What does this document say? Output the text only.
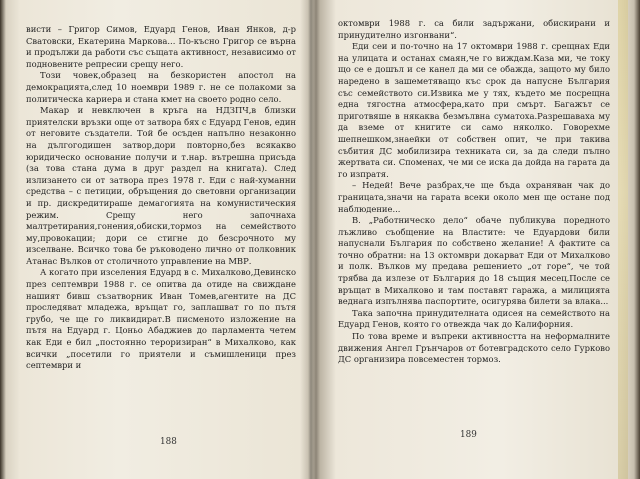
висти – Григор Симов, Едуард Генов, Иван Янков, д-р Сватовски, Екатерина Маркова... По-късно Григор се върна и продължи да работи със същата активност, независимо от подновените репресии срещу него.

Този човек,образец на безкористен апостол на демокрацията,след 10 ноември 1989 г. не се полакоми за политическа кариера и стана кмет на своето родно село.

Макар и невключен в кръга на НДЗПЧ,в близки приятелски връзки още от затвора бях с Едуард Генов, един от неговите създатели. Той бе осъден напълно незаконно на дългогодишен затвор,дори повторно,без всякакво юридическо основание получи и т.нар. вътрешна присъда (за това стана дума в друг раздел на книгата). След излизането си от затвора през 1978 г. Еди с най-хуманни средства – с петиции, обръщения до световни организации и пр. дискредитираше демагогията на комунистическия режим. Срещу него започнаха малтретирания,гонения,обиски,тормоз на семейството му,провокации; дори се стигне до безсрочното му изселване. Всичко това бе ръководено лично от полковник Атанас Вълков от столичното управление на МВР.

А когато при изселения Едуард в с. Михалково,Девинско през септември 1988 г. се опитва да отиде на свиждане нашият бивш съзатворник Иван Томев,агентите на ДС проследяват младежа, връщат го, заплашват го по пътя грубо, че ще го ликвидират.В писменото изложение на пътя на Едуард г. Цоньо Абаджиев до парламента четем как Еди е бил „постоянно тероризиран“ в Михалково, как всички „посетили го приятели и съмишленици през септември и

188

октомври 1988 г. са били задържани, обискирани и принудително изгонвани“.

Еди сеи и по-точно на 17 октомври 1988 г. срещнах Еди на улицата и останах смаян,че го виждам.Каза ми, че току що се е дошъл и се канел да ми се обажда, защото му било наредено в зашеметяващо къс срок да напусне България със семейството си.Извика ме у тях, където ме посрещна една тягостна атмосфера,като при смърт. Багажът се приготвяше в някаква безмълвна суматоха.Разрешавахa му да вземе от книгите си само няколко. Говорехме шепнешком,знаейки от собствен опит, че при такива събития ДС мобилизира техниката си, за да следи пълно жертвата си. Споменах, че ми се иска да дойда на гарата да го изпратя.

– Недей! Вече разбрах,че ще бъда охраняван чак до границата,значи на гарата всеки около мен ще остане под наблюдение...

В. „Работническо дело“ обаче публикува поредното лъжливо съобщение на Властите: че Едуардови били напуснали България по собствено желание! А фактите са точно обратни: на 13 октомври докарват Еди от Михалково и полк. Вълков му предава решението „от горе“, че той трябва да излезе от България до 18 същия месец.После се връщат в Михалково и там поставят гаража, а милицията веднага изпълнява паспортите, осигурява билети за влака...

Така започна принудителната одисея на семейството на Едуард Генов, която го отвежда чак до Калифорния.

По това време и въпреки активността на неформалните движения Ангел Грънчаров от ботевградското село Гурково ДС организира повсеместен тормоз.

189
